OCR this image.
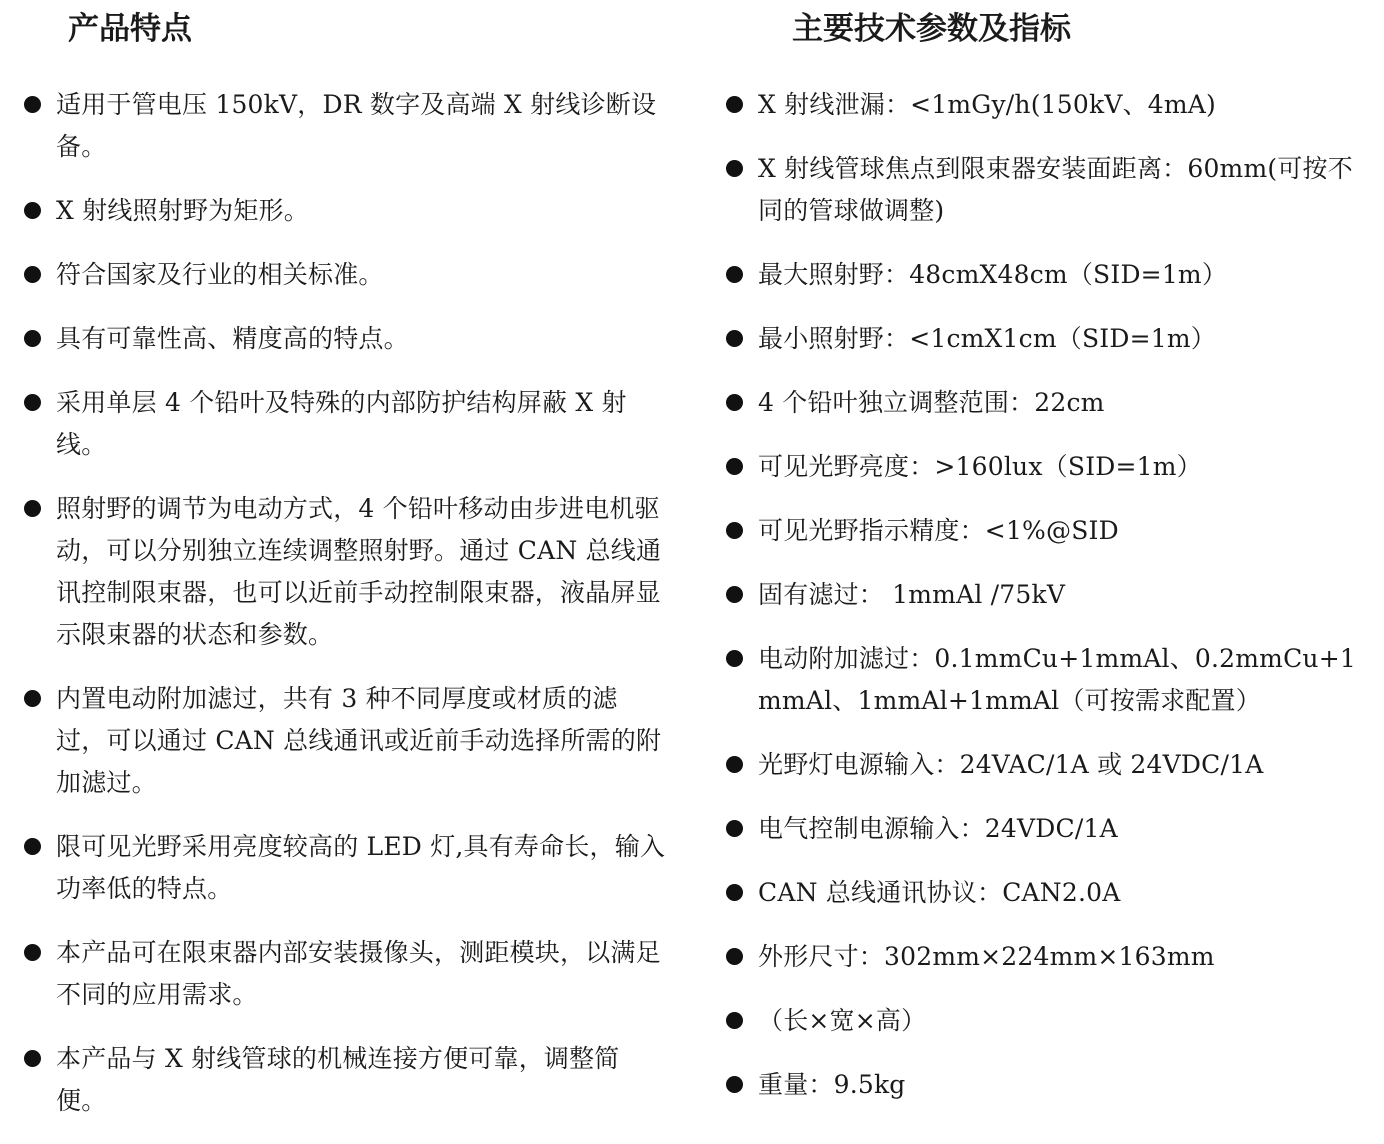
产品特点
适用于管电压 150kV，DR 数字及高端 X 射线诊断设备。
X 射线照射野为矩形。
符合国家及行业的相关标准。
具有可靠性高、精度高的特点。
采用单层 4 个铅叶及特殊的内部防护结构屏蔽 X 射线。
照射野的调节为电动方式，4 个铅叶移动由步进电机驱动，可以分别独立连续调整照射野。通过 CAN 总线通讯控制限束器，也可以近前手动控制限束器，液晶屏显示限束器的状态和参数。
内置电动附加滤过，共有 3 种不同厚度或材质的滤过，可以通过 CAN 总线通讯或近前手动选择所需的附加滤过。
限可见光野采用亮度较高的 LED 灯,具有寿命长，输入功率低的特点。
本产品可在限束器内部安装摄像头，测距模块，以满足不同的应用需求。
本产品与 X 射线管球的机械连接方便可靠，调整简便。
主要技术参数及指标
X 射线泄漏：<1mGy/h(150kV、4mA)
X 射线管球焦点到限束器安装面距离：60mm(可按不同的管球做调整)
最大照射野：48cmX48cm（SID=1m）
最小照射野：<1cmX1cm（SID=1m）
4 个铅叶独立调整范围：22cm
可见光野亮度：>160lux（SID=1m）
可见光野指示精度：<1%@SID
固有滤过： 1mmAl /75kV
电动附加滤过：0.1mmCu+1mmAl、0.2mmCu+1mmAl、1mmAl+1mmAl（可按需求配置）
光野灯电源输入：24VAC/1A 或 24VDC/1A
电气控制电源输入：24VDC/1A
CAN 总线通讯协议：CAN2.0A
外形尺寸：302mm×224mm×163mm
（长×宽×高）
重量：9.5kg
